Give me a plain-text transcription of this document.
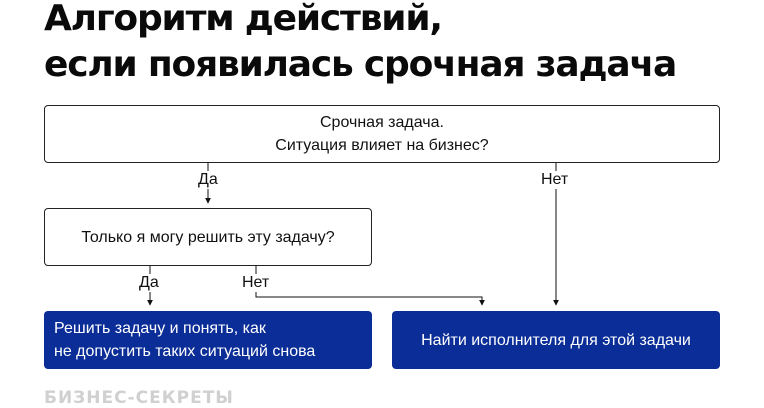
Алгоритм действий,
если появилась срочная задача
Срочная задача.
Ситуация влияет на бизнес?
Только я могу решить эту задачу?
Решить задачу и понять, как
не допустить таких ситуаций снова
Найти исполнителя для этой задачи
Да	Нет
Да	Нет
БИЗНЕС-СЕКРЕТЫ
